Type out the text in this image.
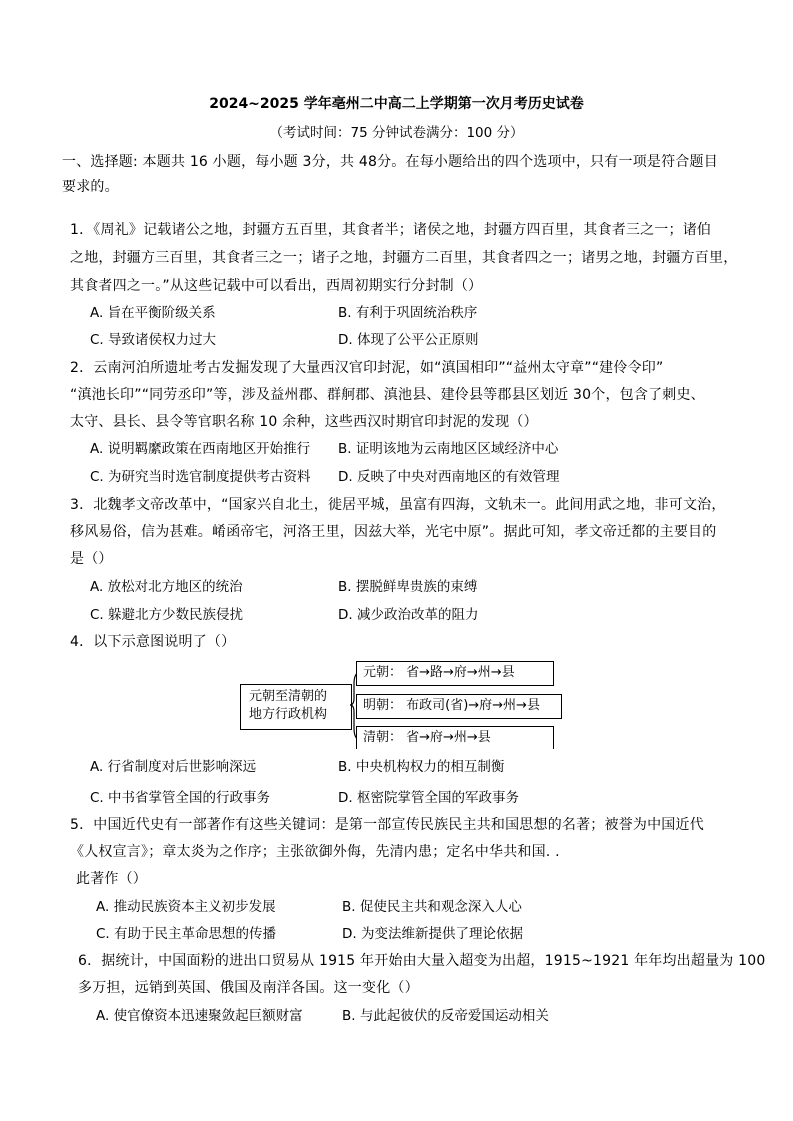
2024~2025 学年亳州二中高二上学期第一次月考历史试卷
（考试时间：75 分钟试卷满分：100 分）
一、选择题: 本题共 16 小题，每小题 3分，共 48分。在每小题给出的四个选项中，只有一项是符合题目
要求的。
1．《周礼》记载诸公之地，封疆方五百里，其食者半；诸侯之地，封疆方四百里，其食者三之一；诸伯
之地，封疆方三百里，其食者三之一；诸子之地，封疆方二百里，其食者四之一；诸男之地，封疆方百里，
其食者四之一。”从这些记载中可以看出，西周初期实行分封制（）
A. 旨在平衡阶级关系	B. 有利于巩固统治秩序
C. 导致诸侯权力过大	D. 体现了公平公正原则
2．云南河泊所遗址考古发掘发现了大量西汉官印封泥，如“滇国相印”“益州太守章”“建伶令印”
“滇池长印”“同劳丞印”等，涉及益州郡、群舸郡、滇池县、建伶县等郡县区划近 30个，包含了刺史、
太守、县长、县令等官职名称 10 余种，这些西汉时期官印封泥的发现（）
A. 说明羁縻政策在西南地区开始推行 B. 证明该地为云南地区区域经济中心
C. 为研究当时选官制度提供考古资料 D. 反映了中央对西南地区的有效管理
3．北魏孝文帝改革中，“国家兴自北土，徙居平城，虽富有四海，文轨未一。此间用武之地，非可文治，
移风易俗，信为甚难。崤函帝宅，河洛王里，因兹大举，光宅中原”。据此可知，孝文帝迁都的主要目的
是（）
A. 放松对北方地区的统治	B. 摆脱鲜卑贵族的束缚
C. 躲避北方少数民族侵扰	D. 减少政治改革的阻力
4．以下示意图说明了（）
元朝至清朝的
地方行政机构
元朝： 省→路→府→州→县
明朝： 布政司(省)→府→州→县
清朝： 省→府→州→县
A. 行省制度对后世影响深远	B. 中央机构权力的相互制衡
C. 中书省掌管全国的行政事务	D. 枢密院掌管全国的军政事务
5．中国近代史有一部著作有这些关键词：是第一部宣传民族民主共和国思想的名著；被誉为中国近代
《人权宣言》；章太炎为之作序；主张欲御外侮，先清内患；定名中华共和国. .
此著作（）
A. 推动民族资本主义初步发展	B. 促使民主共和观念深入人心
C. 有助于民主革命思想的传播	D. 为变法维新提供了理论依据
6．据统计，中国面粉的进出口贸易从 1915 年开始由大量入超变为出超，1915~1921 年年均出超量为 100
多万担，远销到英国、俄国及南洋各国。这一变化（）
A. 使官僚资本迅速聚敛起巨额财富	B. 与此起彼伏的反帝爱国运动相关
